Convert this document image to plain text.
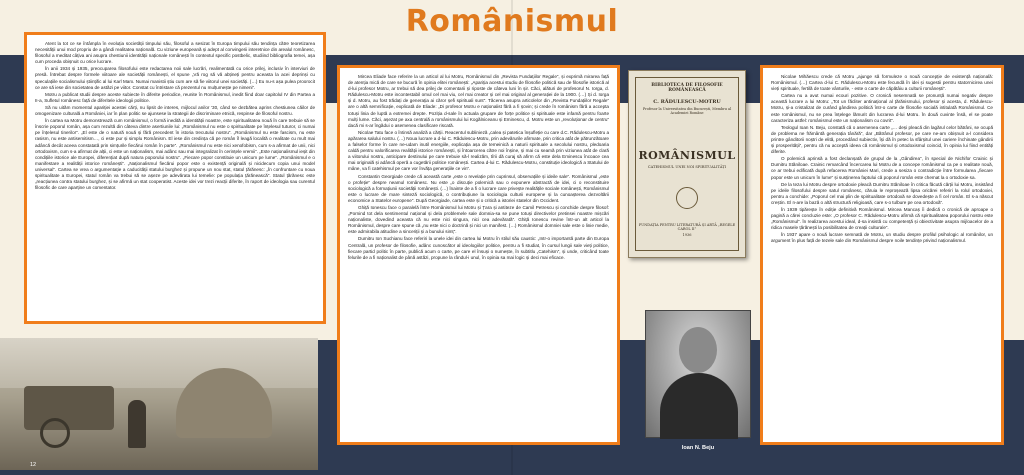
Românismul

Atent la tot ce se întâmpla în evoluția societății timpului său, filosoful a sesizat în Europa timpului său tendința către teoretizarea necesității unui mod propriu de a gândi realitatea națională. Cu viziune europeană și adept al convingerii interetnice din arealul românesc, filosoful a meditat câțiva ani asupra chestiunii identității naționale românești în contextul specific postbelic, studiind bibliografia temei, așa cum proceda obișnuit cu orice lucrare.

În anii 1934 și 1935, preocuparea filosofului este redactarea noii sale lucrări, realimentată cu orice prilej, inclusiv în interviuri de presă. Întrebat despre formele viitoare ale societății românești, el spune „Vă rog să vă abțineți pentru aceasta la acei deprinși cu speculațiile socialismului științific al lui Karl Marx. Numai manistii știu cum are să fie viitorul unei societăți. (…) Eu nu-s așa pulea proorocit ce are să iese din societatea de astăzi pe viitor. Constat cu întristare că prezentul nu mulțumește pe nimeni”.

Motru a publicat studii despre aceste subiecte în diferite periodice, reunite în Românismul, inedit fiind doar capitolul IV din Partea a II-a, Sufletul românesc față de diferitele ideologii politice.

Să nu uităm momentul apariției acestei cărți, nu lipsit de interes, mijlocul anilor '30, când se dezbătea aprins chestiunea căilor de omogenizare culturală a României, iar în plan politic se ajunsese la strategii de discriminare etnică, respinse de filosoful nostru.

În cartea sa Motru demonstrează cum românismul, o formă inedită a identității noastre, este spiritualitatea nouă în care trebuie să se înscrie poporul român, așa cum rezultă din câteva dintre asertiunile lui: „Românismul nu este o spiritualitate pe înțelesul tuturor, ci numai pe înțelesul tinerilor”. „El este de o natură nouă și fără precedent în istoria trecutului nostru”. „Românismul nu este fascism, nu este rasism, nu este antisemitism…, ci este pur și simplu Românism. El iese din credința că pe român îl leagă localită o realitate cu mult mai adâncă decât aceea constatată prin simțurile fiecărui român în parte”. „Românismul nu este nici xenofobism, cum s-a afirmat de unii, nici ortodoxism, cum s-a afirmat de alții, ci este un naționalism, mai adânc sau mai integralizat în cerințele vremii”. „Este naționalismul ieșit din condițiile istorice ale Europei, diferențiat după natura poporului nostru”. „Fiecare popor constituie un unicum pe lume”. „Românismul e o manifestare a realității istorice românești”. „Naționalismul fiecărui popor este o existență originală și nicidecum copia unui model universal”. Cartea se vrea o argumentație a caducității statului burghez și propune un nou stat, statul țărănesc: „În confruntare cu noua spiritualitate a Europei, statul român va trebui să se așeze pe adevărata lui temelie: pe populația țărănească”. Statul țărănesc este „reacțiunea contra statului burghez, și se afirmă un stat cooperatist. Aceste idei vor trezi reacții diferite, în raport de ideologia sau curentul filosofic de care aparține un comentator.

Mircea Eliade face referire la un articol al lui Motru, Românismul din „Revista Fundațiilor Regale”, și exprimă mirarea față de atenția mică de care se bucură în opinia elitei românești: „Apariția acestui studiu de filosofie politică sau de filosofie istorică al d-lui profesor Motru, ar trebui să dea prilej de comentarii și riposte de câteva luni în șir. Căci, alături de profesorul N. Iorga, d. Rădulescu-Motru este incontestabil omul cel mai viu, cel mai creator și cel mai original al generației de la 1900. (…) Și d. Iorga și d. Motru, au fost trădați de generația ai căror șefi spirituali sunt”. Tăcerea asupra articolelor din „Revista Fundațiilor Regale” are o altă semnificație, explicată de Eliade: „Di profesor Motru e naționalist fără a fi șovin; și crede în românism fără a accepta totuși linia de luptă a extremei drepte. Poziția d-sale în actuala grupare de forțe politice și spirituale este infamă pentru foarte mulți lume. Căci, așezat pe axa centrală a românismului lui Kogălniceanu și Eminescu, d. Motru este un „revoluționar de centru” dacă mi s-ar îngădui o asemenea clasificare riscată.

Nicolae Tatu face o întinsă analiză a cărții. Reacentul sublinieză „calea și patetica înșufleție cu care d.C. Rădulescu-Motru a apărarea salului nostru. (…) Noua lucrare a d-lui C. Rădulescu-Motru, prin adevărurile afirmate, prin critica atât de pătrunzătoare a falselor forme în care ne-udam inutil energiile, explicația așa de temeinică a naturii spirituale a secolului nostru, pledoaria caldă pentru valorificarea realității istorice românești, și întoarcerea către noi înșine, și mai cu seamă prin viziunea atât de clară a viitorului nostru, anticipare destinului pe care trebuie să-l realizăm, tîrii dă curaj să afirm că este dela Eminescu încoace cea mai originală și adâncă operă a cugetării politice românești. Cartea d-lui C. Rădulescu-Motru, constituție ideologică a Statului de mâne, va fi catehismul pe care vor învăța generațiile ce vin”.

Constantin Georgiade crede că această carte „este o revelație prin cuprinsul, observațiile și ideile sale”. Românismul „este o profeție” despre neamul românesc. Nu este „o discuție polemică sau o expunere abstractă de idei, ci o reconstituire sociologică a formațiunii societății românești. (…) Înainte de a fi o lucrare care privește realitățile sociale românești, Românismul este o lucrare de mare sinteză sociologică, o contribuțiune la sociologia culturii europene și la cunoașterea dezvoltării economice a Statelor europene”. După Georgiade, cartea este și o critică a istoriei statelor din Occident.

Ghiță Ionescu face o paralelă între Românismul lui Motru și Țara și antiteze de Camil Petrescu și conchide despre filosof: „Pornind tot dela sentimentul național și dela problemele sale domnia-sa se pune totuși directivelor pretinsei noastre mișcări naționaliste, dovedind aceasta că nu este nici singura, nici cea adevărată”. Ghiță Ionescu revine într-un alt articol la Românismul, despre care spune că „nu este nici o doctrină și nici un manifest. (…) Românismul domniei sale este o linie medie, este admirabila atitudine a sinceriții și a bunului simț”.

Dumitru Ion Suchianu face referiri la unele idei din cartea lui Motru în stilul său caustic: „Intr-o importantă parte din Europa Centrală, un profesor de filosofie, adânc cunoscător al ideologiilor politice, pentru a fi studiat, în cursul lungii sale vieți politice, fiecare partid politic în parte, publică acum o carte, pe care el însuși o numește, în subtitlu „Catehism”, și unde, criticând toate felurile de a fi naționalist de până astăzi, propune la rândul-i unul, în opinia sa mai logic și deci mai eficace.

BIBLIOTECA DE FILOSOFIE ROMÂNEASCĂ
C. RĂDULESCU-MOTRU
Profesor la Universitatea din București, Membru al Academiei Române
ROMÂNISMUL
CATEHISMUL UNEI NOI SPIRITUALITĂȚI
FUNDAȚIA PENTRU LITERATURĂ ȘI ARTĂ „REGELE CAROL II”
1936
Ioan N. Beju

Nicolae Mihăescu crede că Motru „ajunge să formuleze o nouă concepție de existență națională: Românismul. (…) Cartea d-lui C. Rădulescu-Motru este fecundă în idei și sugestii pentru statornicirea unei vieți spirituale, fertilă de toate vânturile, - este o carte de căpătâiu a culturii românești”.

Cartea nu a avut numai ecouri pozitive. O cronică nesemnată se pronunță numai negativ despre această lucrare a lui Motru: „Tot un făcliter antinațional al țărănismului, profesor și acesta, d. Rădulescu-Motru, și-a cristalizat de curând gândirea politică într-o carte de filosofie socială intitulată Românismul. Ce este românismul, nu se prea înțelege lămurit din lucrarea d-lui Motru. În două cuvinte însă, el se poate caracteriza astfel: românismul este un naționalism cu covrit”.

Teologul Ioan N. Beju, constată că o asemenea carte „… deși pleacă din lagărul celor bătrâni, se ocupă de problema ne frământă generația tânără”, dar „Bătrânul profesor, pe care ne-am obișnuit a-l considera printre gânditorii noștri de elită, procedând subiectiv, își dă în petec la sfârșitul unei cariere închinate gândirii și prosperității”, pentru că nu acceptă ideea că românismul și ortodoxismul coincid, în opinia lui fiind entități diferite.

O polemică aprinsă a fost declanșată de grupul de la „Gândirea”, în special de Nichifor Crainic și Dumitru Stăniloae. Crainic remarcând încercarea lui Motru de a concepe românismul ca pe o realitate nouă, ce ar trebui edificată după refacerea României Mari, crede a sesiza o contradicție între formularea „fiecare popor este un unicum în lume” și susținerea faptului că poporul român este chemat la o ortodoxie sa.

De la teza lui Motru despre ortodoxie pleacă Dumitru Stăniloae în critica făcută cărții lui Motru, insistând pe ideile filosofului despre satul românesc, căruia le reproșează lipsa oricărei referiri la rolul ortodoxiei, pentru a conchide: „Poporul cel mai plin de spiritualitate ortodoxă se dovedește a fi cel român. El s-a născut creștin. El n-are la bază o altă structură religioasă, care s-o tulbure pe cea ortodoxă”.

În 1939 tipărește în ediție definitivă Românismul. Mircea Mancaș îi dedică o cronică de aproape o pagină a cărei concluzie este: „O profesor C. Rădulescu-Motru afirmă că spiritualitatea poporului nostru este „Românismul”. În realizarea acestui ideal, d-sa insistă cu competență și obiectivitate asupra mijloacelor de a ridica masele țărănești la posibilitatea de creații culturale”.

În 1937 apare o nouă lucrare semnată de Motru, un studiu despre profilul psihologic al românilor, un argument în plus față de tezele sale din Românismul despre noile tendințe privind naționalismul.

12
